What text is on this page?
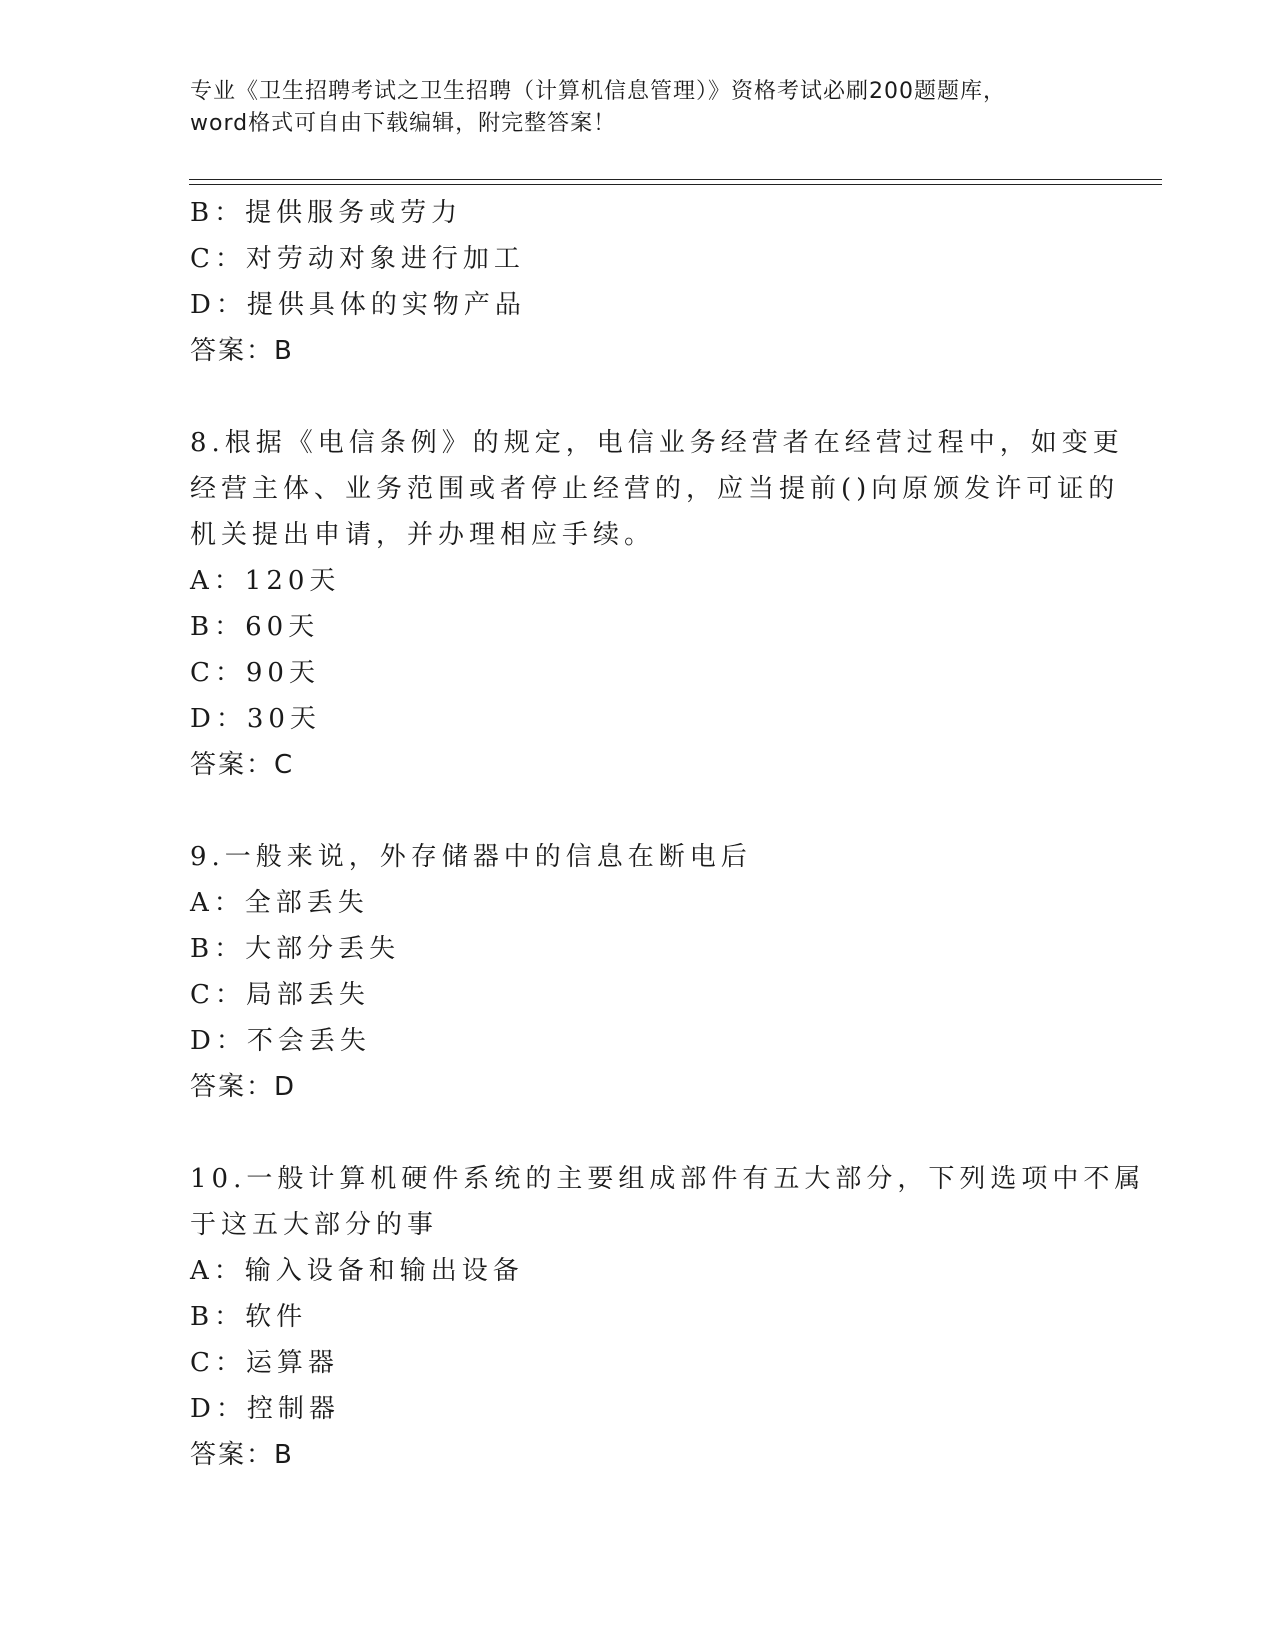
专业《卫生招聘考试之卫生招聘（计算机信息管理）》资格考试必刷200题题库，
word格式可自由下载编辑，附完整答案！
B：提供服务或劳力
C：对劳动对象进行加工
D：提供具体的实物产品
答案：B
8.根据《电信条例》的规定，电信业务经营者在经营过程中，如变更
经营主体、业务范围或者停止经营的，应当提前()向原颁发许可证的
机关提出申请，并办理相应手续。
A：120天
B：60天
C：90天
D：30天
答案：C
9.一般来说，外存储器中的信息在断电后
A：全部丢失
B：大部分丢失
C：局部丢失
D：不会丢失
答案：D
10.一般计算机硬件系统的主要组成部件有五大部分，下列选项中不属
于这五大部分的事
A：输入设备和输出设备
B：软件
C：运算器
D：控制器
答案：B
